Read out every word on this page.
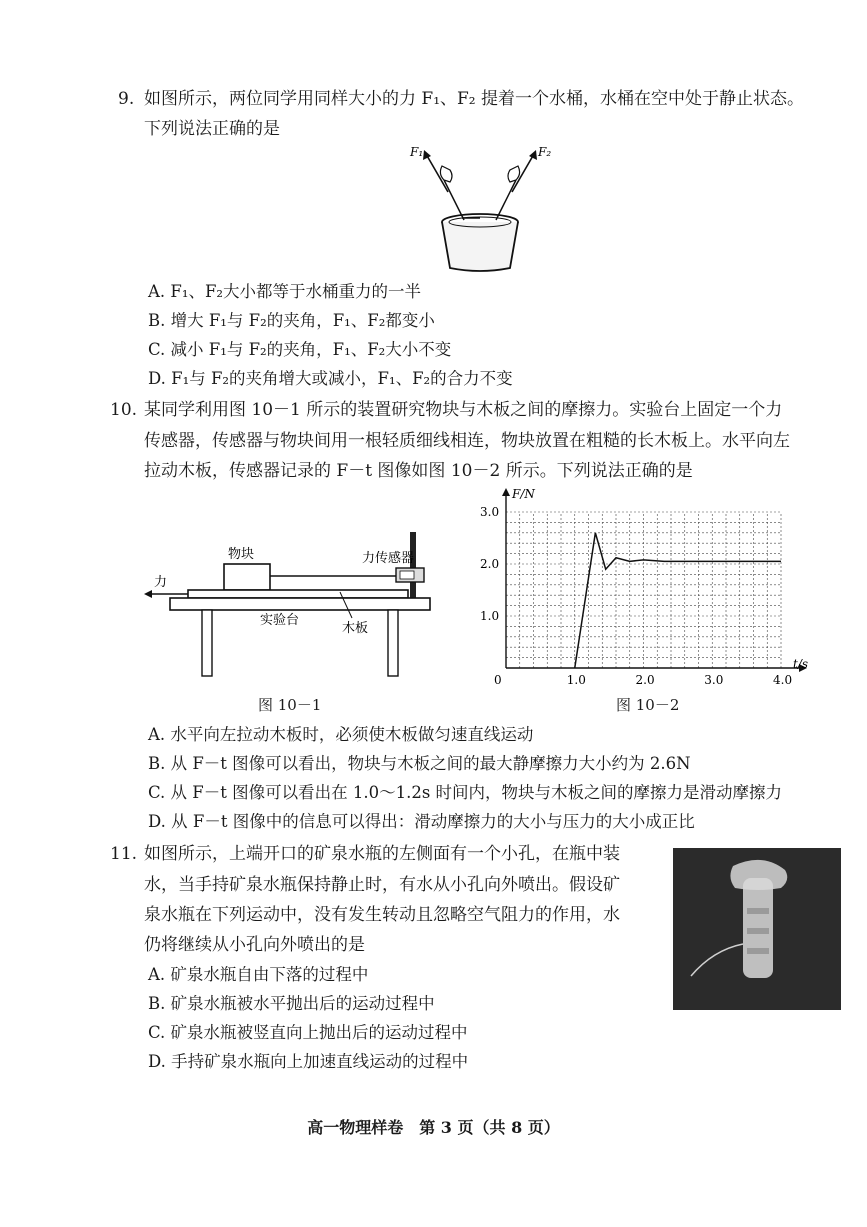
9. 如图所示，两位同学用同样大小的力 F₁、F₂ 提着一个水桶，水桶在空中处于静止状态。
下列说法正确的是
F₁	F₂
A. F₁、F₂大小都等于水桶重力的一半
B. 增大 F₁与 F₂的夹角，F₁、F₂都变小
C. 减小 F₁与 F₂的夹角，F₁、F₂大小不变
D. F₁与 F₂的夹角增大或减小，F₁、F₂的合力不变
10. 某同学利用图 10－1 所示的装置研究物块与木板之间的摩擦力。实验台上固定一个力
传感器，传感器与物块间用一根轻质细线相连，物块放置在粗糙的长木板上。水平向左
拉动木板，传感器记录的 F－t 图像如图 10－2 所示。下列说法正确的是
物块	力传感器
力
实验台
木板
图 10－1
0	1.0	2.0	3.0	4.0
1.0
2.0
3.0
t/s
F/N
图 10－2
A. 水平向左拉动木板时，必须使木板做匀速直线运动
B. 从 F－t 图像可以看出，物块与木板之间的最大静摩擦力大小约为 2.6N
C. 从 F－t 图像可以看出在 1.0～1.2s 时间内，物块与木板之间的摩擦力是滑动摩擦力
D. 从 F－t 图像中的信息可以得出：滑动摩擦力的大小与压力的大小成正比
11. 如图所示，上端开口的矿泉水瓶的左侧面有一个小孔，在瓶中装
水，当手持矿泉水瓶保持静止时，有水从小孔向外喷出。假设矿
泉水瓶在下列运动中，没有发生转动且忽略空气阻力的作用，水
仍将继续从小孔向外喷出的是
A. 矿泉水瓶自由下落的过程中
B. 矿泉水瓶被水平抛出后的运动过程中
C. 矿泉水瓶被竖直向上抛出后的运动过程中
D. 手持矿泉水瓶向上加速直线运动的过程中
高一物理样卷　第 3 页（共 8 页）
